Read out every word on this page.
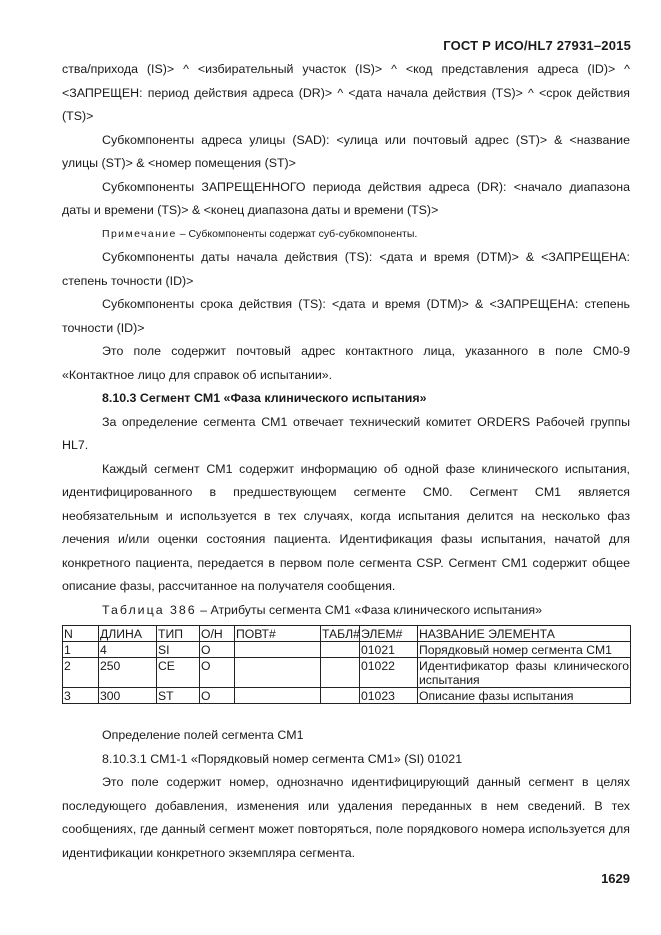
ГОСТ Р ИСО/HL7 27931–2015

ства/прихода (IS)> ^ <избирательный участок (IS)> ^ <код представления адреса (ID)> ^ <ЗАПРЕЩЕН: период действия адреса (DR)> ^ <дата начала действия (TS)> ^ <срок действия (TS)>

Субкомпоненты адреса улицы (SAD): <улица или почтовый адрес (ST)> & <название улицы (ST)> & <номер помещения (ST)>

Субкомпоненты ЗАПРЕЩЕННОГО периода действия адреса (DR): <начало диапазона даты и времени (TS)> & <конец диапазона даты и времени (TS)>

Примечание – Субкомпоненты содержат суб-субкомпоненты.

Субкомпоненты даты начала действия (TS): <дата и время (DTM)> & <ЗАПРЕЩЕНА: степень точности (ID)>

Субкомпоненты срока действия (TS): <дата и время (DTM)> & <ЗАПРЕЩЕНА: степень точности (ID)>

Это поле содержит почтовый адрес контактного лица, указанного в поле CM0-9 «Контактное лицо для справок об испытании».

8.10.3 Сегмент CM1 «Фаза клинического испытания»

За определение сегмента CM1 отвечает технический комитет ORDERS Рабочей группы HL7.

Каждый сегмент CM1 содержит информацию об одной фазе клинического испытания, идентифицированного в предшествующем сегменте CM0. Сегмент CM1 является необязательным и используется в тех случаях, когда испытания делится на несколько фаз лечения и/или оценки состояния пациента. Идентификация фазы испытания, начатой для конкретного пациента, передается в первом поле сегмента CSP. Сегмент CM1 содержит общее описание фазы, рассчитанное на получателя сообщения.

Таблица 386 – Атрибуты сегмента CM1 «Фаза клинического испытания»

N	ДЛИНА	ТИП	О/Н	ПОВТ#	ТАБЛ#	ЭЛЕМ#	НАЗВАНИЕ ЭЛЕМЕНТА
1	4	SI	O			01021	Порядковый номер сегмента CM1
2	250	CE	O			01022	Идентификатор фазы клинического испытания
3	300	ST	O			01023	Описание фазы испытания

Определение полей сегмента CM1

8.10.3.1 CM1-1 «Порядковый номер сегмента CM1» (SI) 01021

Это поле содержит номер, однозначно идентифицирующий данный сегмент в целях последующего добавления, изменения или удаления переданных в нем сведений. В тех сообщениях, где данный сегмент может повторяться, поле порядкового номера используется для идентификации конкретного экземпляра сегмента.

1629
